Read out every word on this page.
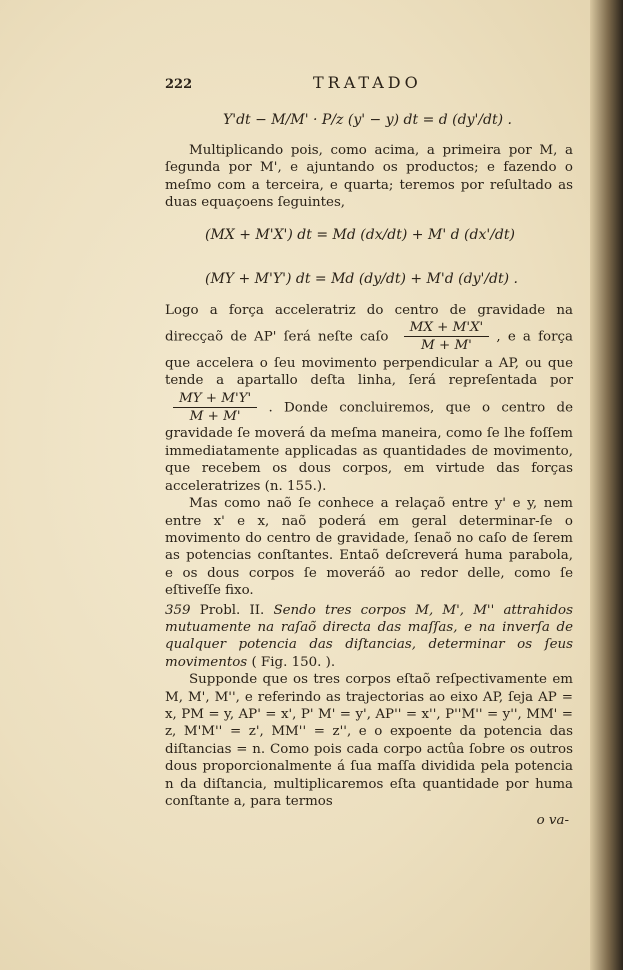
222	TRATADO
Y'dt − M/M' · P/z (y' − y) dt = d (dy'/dt) .

Multiplicando pois, como acima, a primeira por M, a ſegunda por M', e ajuntando os productos; e fazendo o meſmo com a terceira, e quarta; teremos por reſultado as duas equaçoens ſeguintes,

(MX + M'X') dt = Md (dx/dt) + M' d (dx'/dt)
(MY + M'Y') dt = Md (dy/dt) + M'd (dy'/dt) .

Logo a força acceleratriz do centro de gravidade na direcçaõ de AP' ſerá neſte caſo $\frac{MX + M'X'}{M + M'}$ , e a força que accelera o ſeu movimento perpendicular a AP, ou que tende a apartallo deſta linha, ſerá repreſentada por
$\frac{MY + M'Y'}{M + M'}$ . Donde concluiremos, que o centro de gravidade ſe moverá da meſma maneira, como ſe lhe foſſem immediatamente applicadas as quantidades de movimento, que recebem os dous corpos, em virtude das forças acceleratrizes (n. 155.).

Mas como naõ ſe conhece a relaçaõ entre y' e y, nem entre x' e x, naõ poderá em geral determinar-ſe o movimento do centro de gravidade, ſenaõ no caſo de ſerem as potencias conſtantes. Entaõ deſcreverá huma parabola, e os dous corpos ſe moveráõ ao redor delle, como ſe eſtiveſſe fixo.

359 Probl. II. Sendo tres corpos M, M', M'' attrahidos mutuamente na raſaõ directa das maſſas, e na inverſa de qualquer potencia das diſtancias, determinar os ſeus movimentos ( Fig. 150. ).

Supponde que os tres corpos eſtaõ reſpectivamente em M, M', M'', e referindo as trajectorias ao eixo AP, ſeja AP = x, PM = y, AP' = x', P' M' = y', AP'' = x'', P''M'' = y'', MM' = z, M'M'' = z', MM'' = z'', e o expoente da potencia das diſtancias = n. Como pois cada corpo actûa ſobre os outros dous proporcionalmente á ſua maſſa dividida pela potencia n da diſtancia, multiplicaremos eſta quantidade por huma conſtante a, para termos

o va-
